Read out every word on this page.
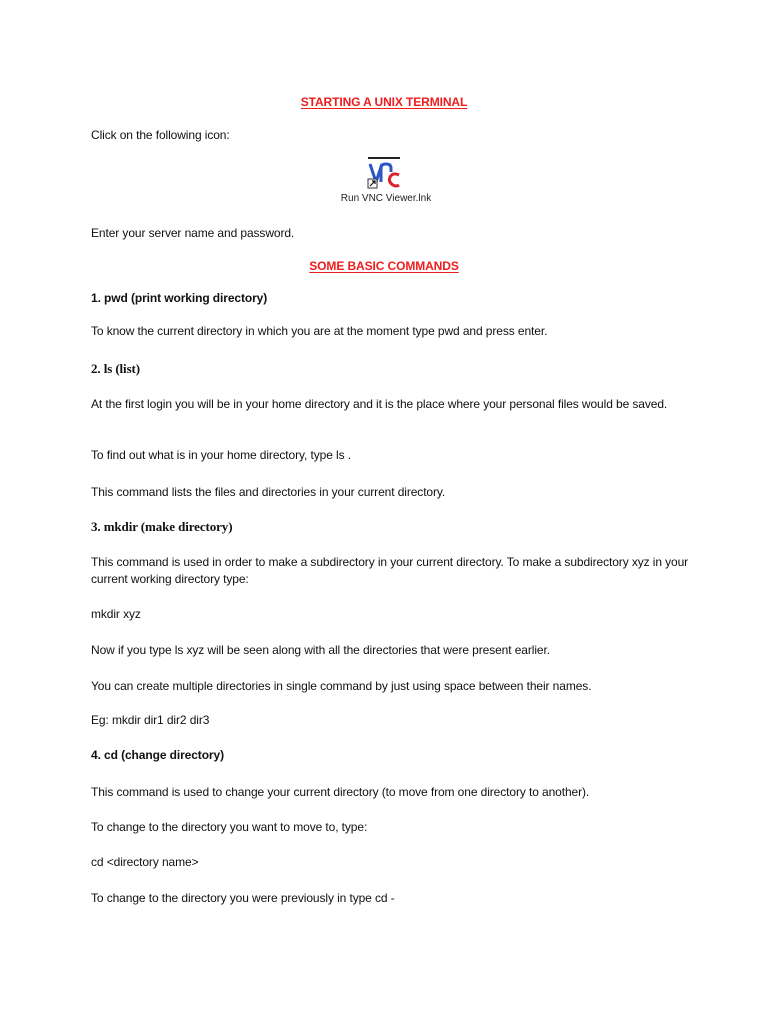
STARTING A UNIX TERMINAL
Click on the following icon:
Run VNC Viewer.lnk
Enter your server name and password.
SOME BASIC COMMANDS
1. pwd (print working directory)
To know the current directory in which you are at the moment type pwd and press enter.
2. ls (list)
At the first login you will be in your home directory and it is the place where your personal files would be saved.
To find out what is in your home directory, type ls .
This command lists the files and directories in your current directory.
3. mkdir (make directory)
This command is used in order to make a subdirectory in your current directory. To make a subdirectory xyz in your current working directory type:
mkdir xyz
Now if you type ls xyz will be seen along with all the directories that were present earlier.
You can create multiple directories in single command by just using space between their names.
Eg: mkdir dir1 dir2 dir3
4. cd (change directory)
This command is used to change your current directory (to move from one directory to another).
To change to the directory you want to move to, type:
cd <directory name>
To change to the directory you were previously in type cd -
